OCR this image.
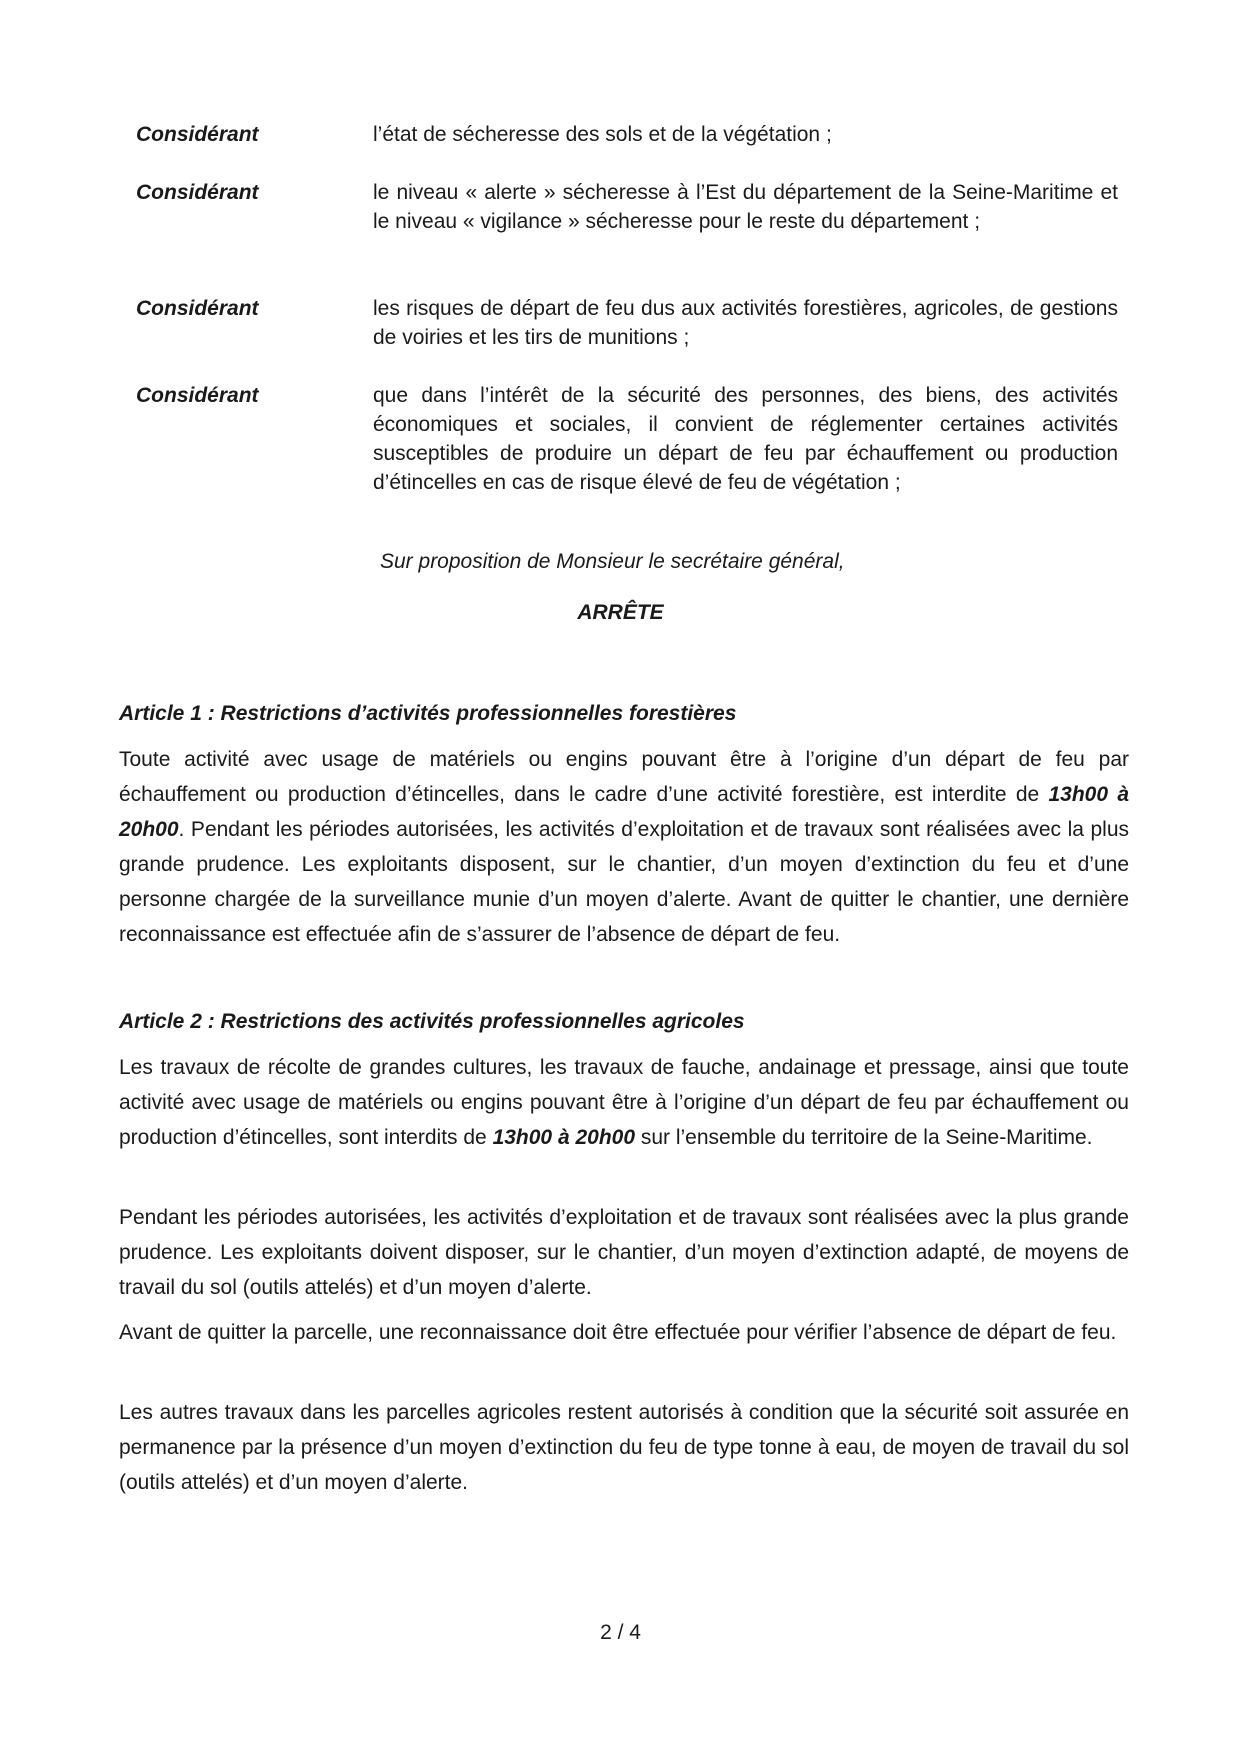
Considérant	l’état de sécheresse des sols et de la végétation ;
Considérant	le niveau « alerte » sécheresse à l’Est du département de la Seine-Maritime et le niveau « vigilance » sécheresse pour le reste du département ;
Considérant	les risques de départ de feu dus aux activités forestières, agricoles, de gestions de voiries et les tirs de munitions ;
Considérant	que dans l’intérêt de la sécurité des personnes, des biens, des activités économiques et sociales, il convient de réglementer certaines activités susceptibles de produire un départ de feu par échauffement ou production d’étincelles en cas de risque élevé de feu de végétation ;
Sur proposition de Monsieur le secrétaire général,
ARRÊTE
Article 1 : Restrictions d’activités professionnelles forestières

Toute activité avec usage de matériels ou engins pouvant être à l’origine d’un départ de feu par échauffement ou production d’étincelles, dans le cadre d’une activité forestière, est interdite de 13h00 à 20h00. Pendant les périodes autorisées, les activités d’exploitation et de travaux sont réalisées avec la plus grande prudence. Les exploitants disposent, sur le chantier, d’un moyen d’extinction du feu et d’une personne chargée de la surveillance munie d’un moyen d’alerte. Avant de quitter le chantier, une dernière reconnaissance est effectuée afin de s’assurer de l’absence de départ de feu.

Article 2 : Restrictions des activités professionnelles agricoles

Les travaux de récolte de grandes cultures, les travaux de fauche, andainage et pressage, ainsi que toute activité avec usage de matériels ou engins pouvant être à l’origine d’un départ de feu par échauffement ou production d’étincelles, sont interdits de 13h00 à 20h00 sur l’ensemble du territoire de la Seine-Maritime.

Pendant les périodes autorisées, les activités d’exploitation et de travaux sont réalisées avec la plus grande prudence. Les exploitants doivent disposer, sur le chantier, d’un moyen d’extinction adapté, de moyens de travail du sol (outils attelés) et d’un moyen d’alerte.

Avant de quitter la parcelle, une reconnaissance doit être effectuée pour vérifier l’absence de départ de feu.

Les autres travaux dans les parcelles agricoles restent autorisés à condition que la sécurité soit assurée en permanence par la présence d’un moyen d’extinction du feu de type tonne à eau, de moyen de travail du sol (outils attelés) et d’un moyen d’alerte.

2 / 4
